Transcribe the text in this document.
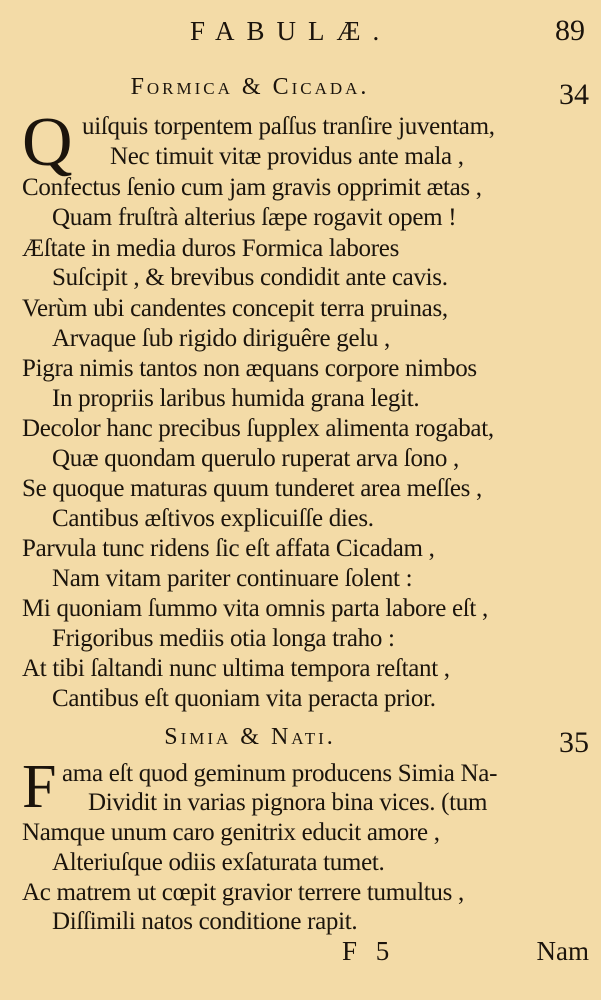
FABULÆ.	89
Formica & Cicada.	34
Q uiſquis torpentem paſſus tranſire juventam,
Nec timuit vitæ providus ante mala ,
Confectus ſenio cum jam gravis opprimit ætas ,
Quam fruſtrà alterius ſæpe rogavit opem !
Æſtate in media duros Formica labores
Suſcipit , & brevibus condidit ante cavis.
Verùm ubi candentes concepit terra pruinas,
Arvaque ſub rigido diriguêre gelu ,
Pigra nimis tantos non æquans corpore nimbos
In propriis laribus humida grana legit.
Decolor hanc precibus ſupplex alimenta rogabat,
Quæ quondam querulo ruperat arva ſono ,
Se quoque maturas quum tunderet area meſſes ,
Cantibus æſtivos explicuiſſe dies.
Parvula tunc ridens ſic eſt affata Cicadam ,
Nam vitam pariter continuare ſolent :
Mi quoniam ſummo vita omnis parta labore eſt ,
Frigoribus mediis otia longa traho :
At tibi ſaltandi nunc ultima tempora reſtant ,
Cantibus eſt quoniam vita peracta prior.
Simia & Nati.	35
F ama eſt quod geminum producens Simia Na-
Dividit in varias pignora bina vices. (tum
Namque unum caro genitrix educit amore ,
Alteriuſque odiis exſaturata tumet.
Ac matrem ut cœpit gravior terrere tumultus ,
Diſſimili natos conditione rapit.
F 5	Nam
